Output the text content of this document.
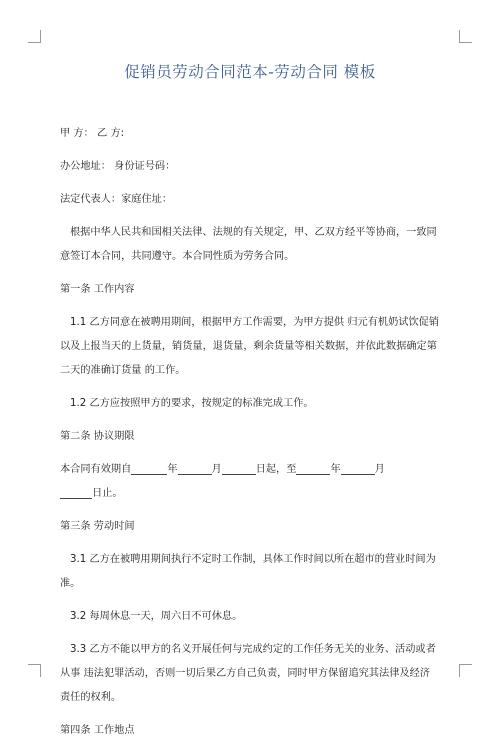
促销员劳动合同范本-劳动合同 模板

甲 方： 乙 方:

办公地址： 身份证号码：

法定代表人：家庭住址：

根据中华人民共和国相关法律、法规的有关规定，甲、乙双方经平等协商，一致同意签订本合同，共同遵守。本合同性质为劳务合同。

第一条 工作内容

1.1 乙方同意在被聘用期间，根据甲方工作需要，为甲方提供 归元有机奶试饮促销以及上报当天的上货量，销货量，退货量，剩余货量等相关数据，并依此数据确定第二天的准确订货量 的工作。

1.2 乙方应按照甲方的要求，按规定的标准完成工作。

第二条 协议期限

本合同有效期自	年	月	日起，至	年	月
日止。

第三条 劳动时间

3.1 乙方在被聘用期间执行不定时工作制，具体工作时间以所在超市的营业时间为准。

3.2 每周休息一天，周六日不可休息。

3.3 乙方不能以甲方的名义开展任何与完成约定的工作任务无关的业务、活动或者从事 违法犯罪活动，否则一切后果乙方自己负责，同时甲方保留追究其法律及经济责任的权利。

第四条 工作地点
